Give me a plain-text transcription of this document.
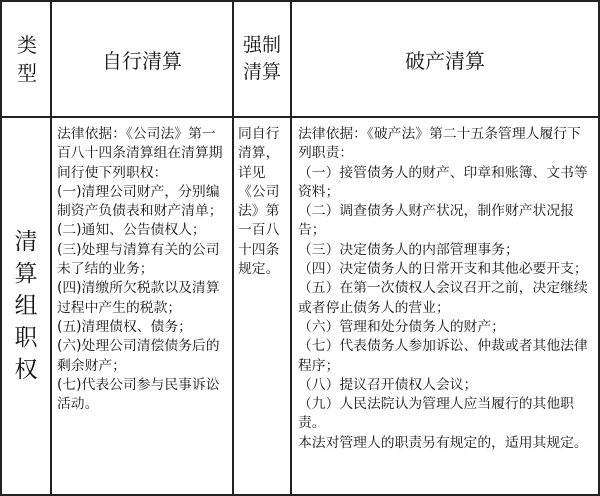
类型
自行清算
强制清算	破产清算
清算组职权

法律依据：《公司法》第一百八十四条清算组在清算期间行使下列职权：

(一)清理公司财产，分别编制资产负债表和财产清单；

(二)通知、公告债权人；

(三)处理与清算有关的公司未了结的业务；

(四)清缴所欠税款以及清算过程中产生的税款；

(五)清理债权、债务；

(六)处理公司清偿债务后的剩余财产；

(七)代表公司参与民事诉讼活动。

同自行清算，详见《公司法》第一百八十四条规定。

法律依据：《破产法》第二十五条管理人履行下列职责：

（一）接管债务人的财产、印章和账簿、文书等资料；

（二）调查债务人财产状况，制作财产状况报告；

（三）决定债务人的内部管理事务；

（四）决定债务人的日常开支和其他必要开支；

（五）在第一次债权人会议召开之前，决定继续或者停止债务人的营业；

（六）管理和处分债务人的财产；

（七）代表债务人参加诉讼、仲裁或者其他法律程序；

（八）提议召开债权人会议；

（九）人民法院认为管理人应当履行的其他职责。

本法对管理人的职责另有规定的，适用其规定。
